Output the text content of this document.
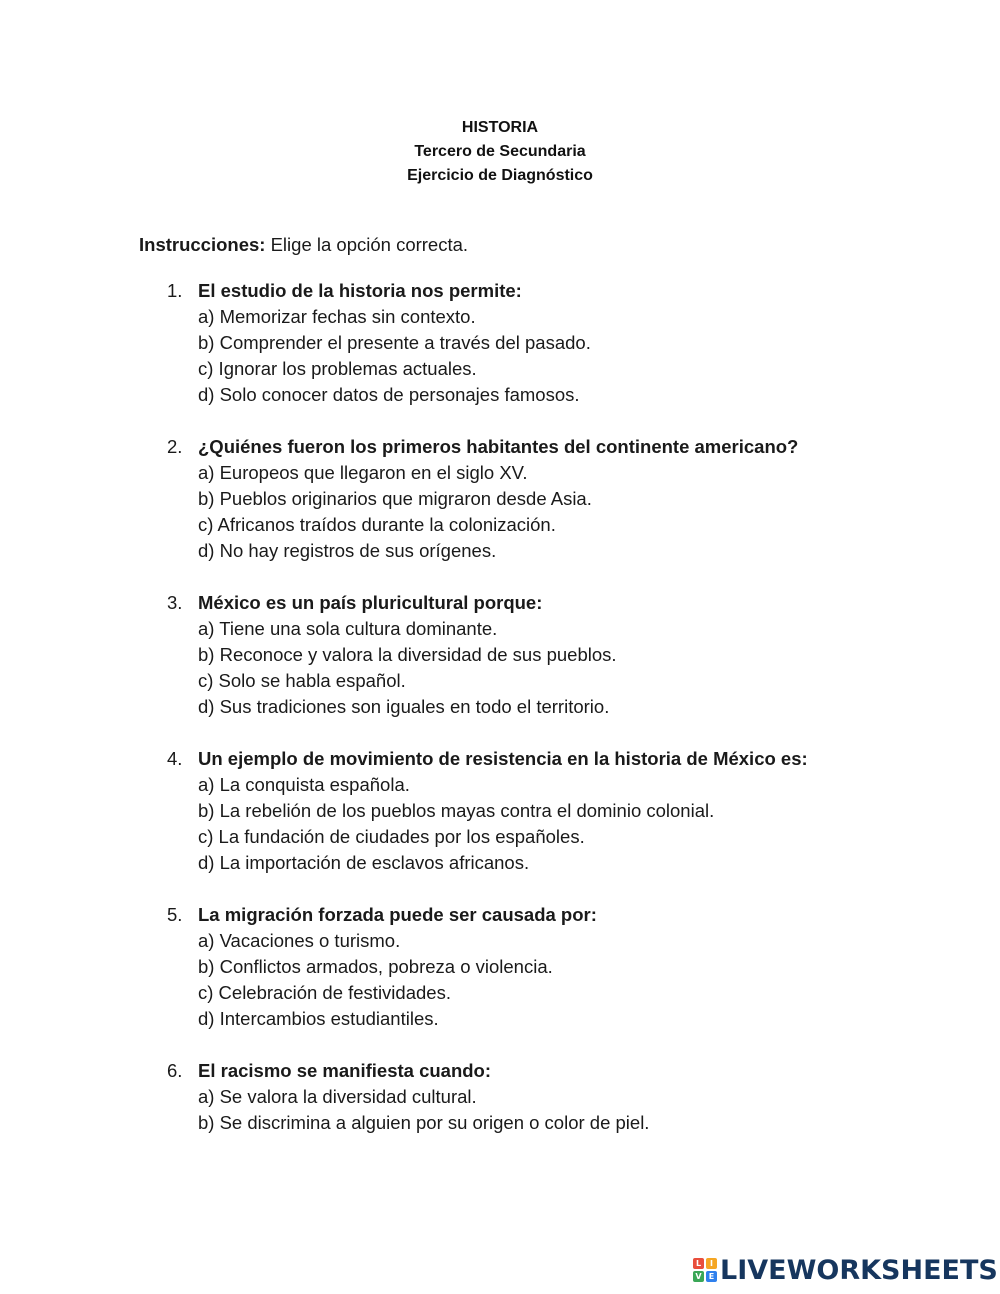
HISTORIA
Tercero de Secundaria
Ejercicio de Diagnóstico
Instrucciones: Elige la opción correcta.
1. El estudio de la historia nos permite:
a) Memorizar fechas sin contexto.
b) Comprender el presente a través del pasado.
c) Ignorar los problemas actuales.
d) Solo conocer datos de personajes famosos.
2. ¿Quiénes fueron los primeros habitantes del continente americano?
a) Europeos que llegaron en el siglo XV.
b) Pueblos originarios que migraron desde Asia.
c) Africanos traídos durante la colonización.
d) No hay registros de sus orígenes.
3. México es un país pluricultural porque:
a) Tiene una sola cultura dominante.
b) Reconoce y valora la diversidad de sus pueblos.
c) Solo se habla español.
d) Sus tradiciones son iguales en todo el territorio.
4. Un ejemplo de movimiento de resistencia en la historia de México es:
a) La conquista española.
b) La rebelión de los pueblos mayas contra el dominio colonial.
c) La fundación de ciudades por los españoles.
d) La importación de esclavos africanos.
5. La migración forzada puede ser causada por:
a) Vacaciones o turismo.
b) Conflictos armados, pobreza o violencia.
c) Celebración de festividades.
d) Intercambios estudiantiles.
6. El racismo se manifiesta cuando:
a) Se valora la diversidad cultural.
b) Se discrimina a alguien por su origen o color de piel.
L	I
V E LIVEWORKSHEETS
